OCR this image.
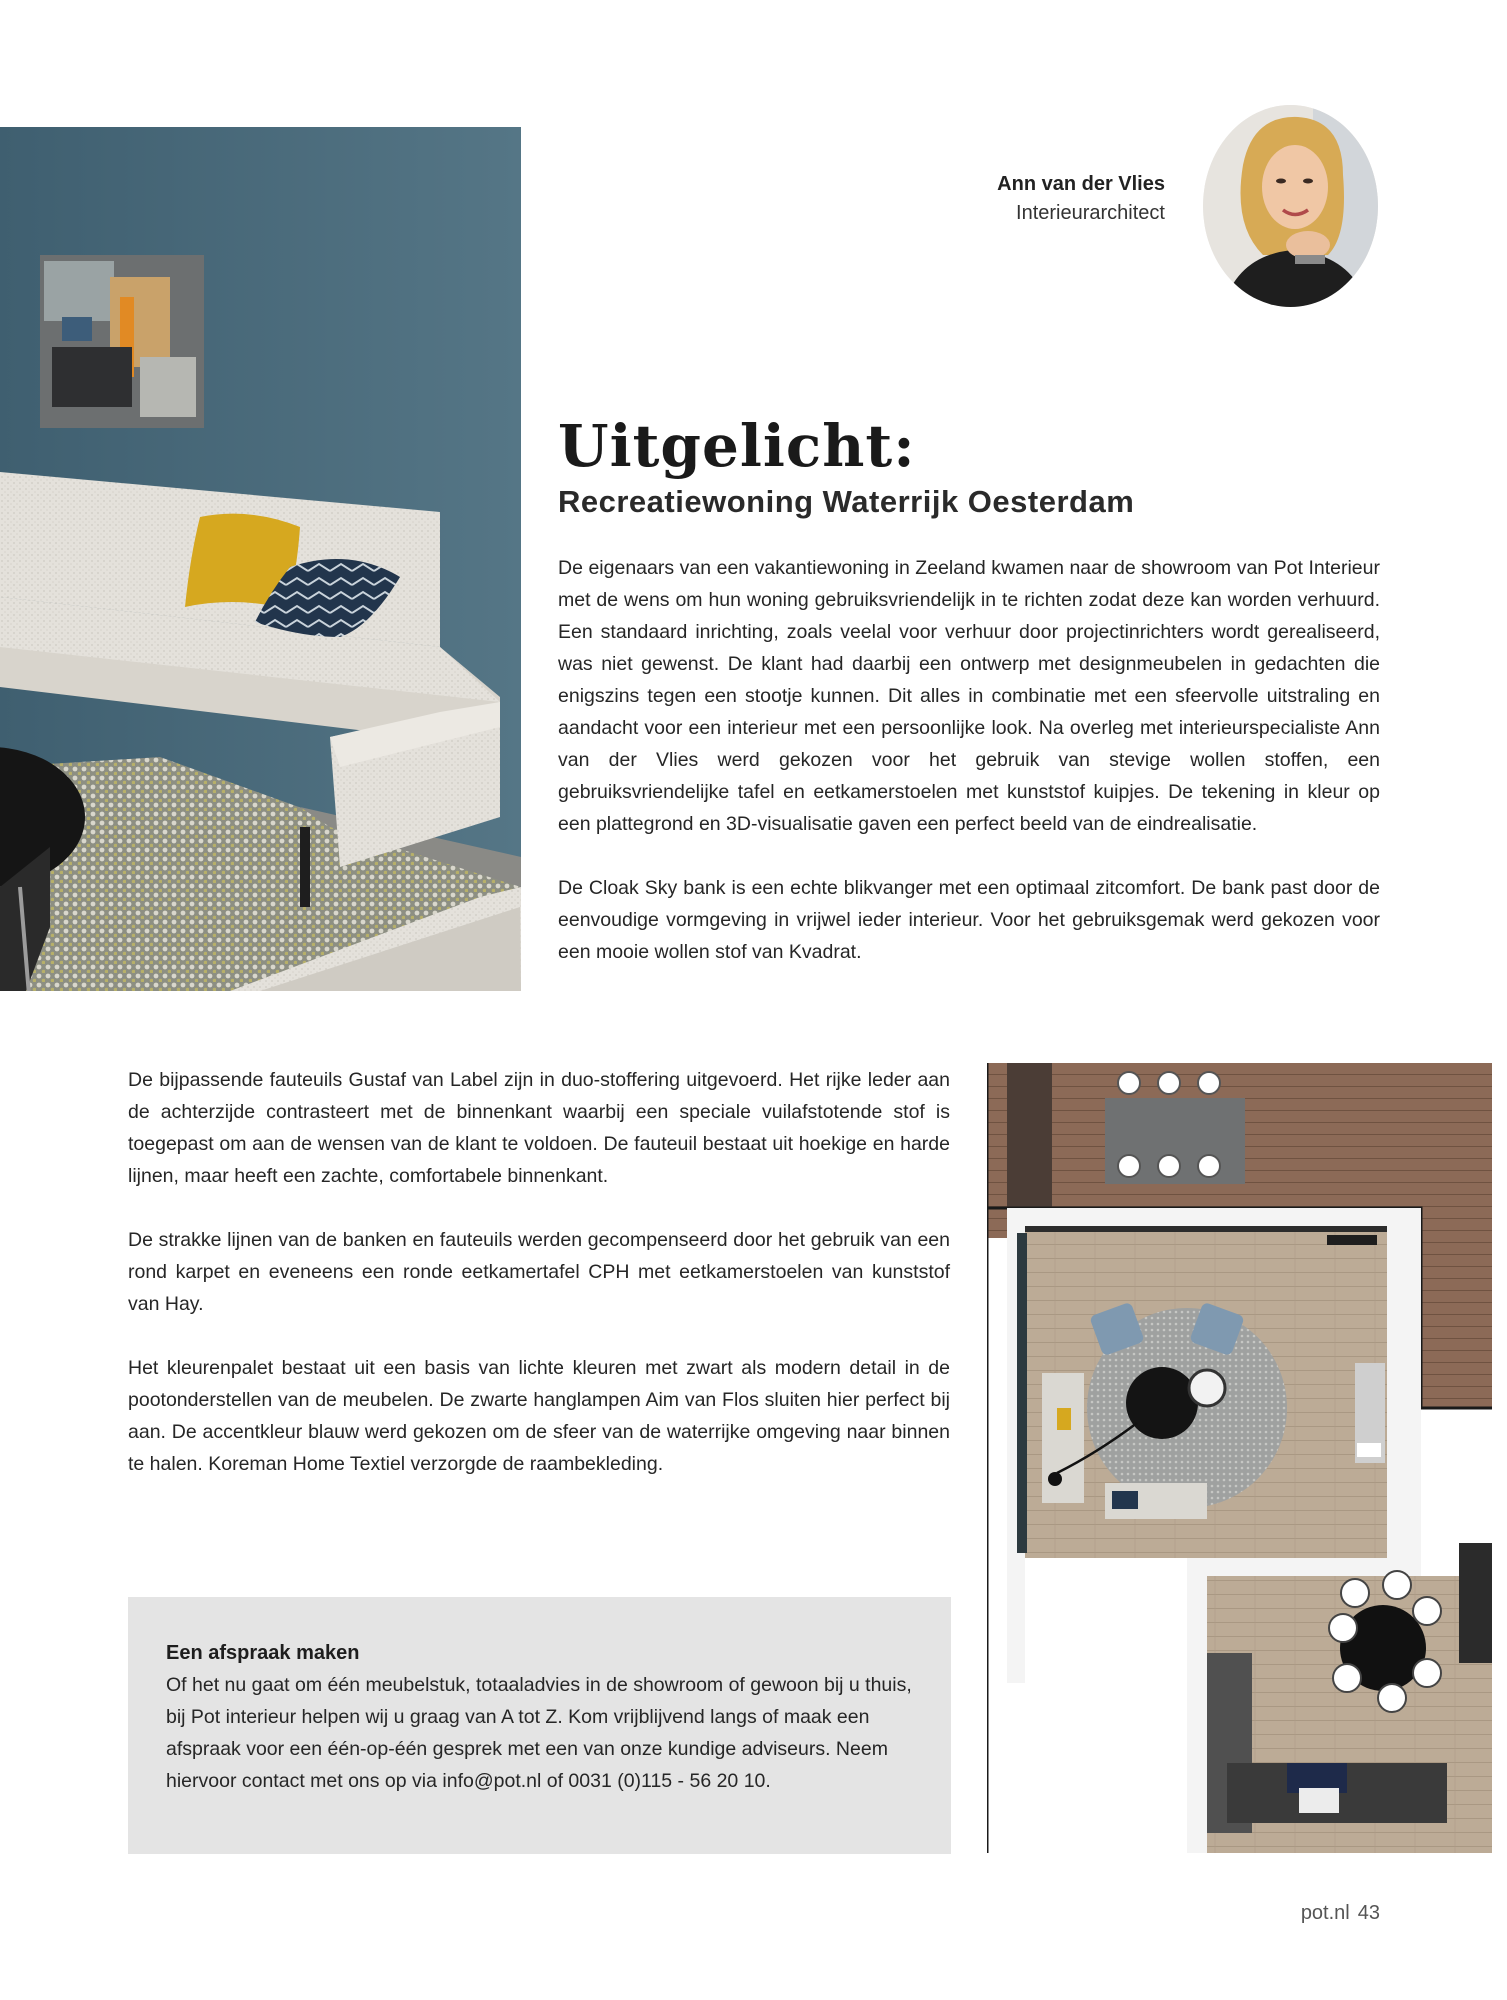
Ann van der Vlies
Interieurarchitect
Uitgelicht:
Recreatiewoning Waterrijk Oesterdam

De eigenaars van een vakantiewoning in Zeeland kwamen naar de showroom van Pot Interieur met de wens om hun woning gebruiksvriendelijk in te richten zodat deze kan worden verhuurd. Een standaard inrichting, zoals veelal voor verhuur door projectinrichters wordt gerealiseerd, was niet gewenst. De klant had daarbij een ontwerp met designmeubelen in gedachten die enigszins tegen een stootje kunnen. Dit alles in combinatie met een sfeervolle uitstraling en aandacht voor een interieur met een persoonlijke look. Na overleg met interieurspecialiste Ann van der Vlies werd gekozen voor het gebruik van stevige wollen stoffen, een gebruiksvriendelijke tafel en eetkamerstoelen met kunststof kuipjes. De tekening in kleur op een plattegrond en 3D-visualisatie gaven een perfect beeld van de eindrealisatie.

De Cloak Sky bank is een echte blikvanger met een optimaal zitcomfort. De bank past door de eenvoudige vormgeving in vrijwel ieder interieur. Voor het gebruiksgemak werd gekozen voor een mooie wollen stof van Kvadrat.

De bijpassende fauteuils Gustaf van Label zijn in duo-stoffering uitgevoerd. Het rijke leder aan de achterzijde contrasteert met de binnenkant waarbij een speciale vuilafstotende stof is toegepast om aan de wensen van de klant te voldoen. De fauteuil bestaat uit hoekige en harde lijnen, maar heeft een zachte, comfortabele binnenkant.

De strakke lijnen van de banken en fauteuils werden gecompenseerd door het gebruik van een rond karpet en eveneens een ronde eetkamertafel CPH met eetkamerstoelen van kunststof van Hay.

Het kleurenpalet bestaat uit een basis van lichte kleuren met zwart als modern detail in de pootonderstellen van de meubelen. De zwarte hanglampen Aim van Flos sluiten hier perfect bij aan. De accentkleur blauw werd gekozen om de sfeer van de waterrijke omgeving naar binnen te halen. Koreman Home Textiel verzorgde de raambekleding.

Een afspraak maken
Of het nu gaat om één meubelstuk, totaaladvies in de showroom of gewoon bij u thuis, bij Pot interieur helpen wij u graag van A tot Z. Kom vrijblijvend langs of maak een afspraak voor een één-op-één gesprek met een van onze kundige adviseurs. Neem hiervoor contact met ons op via info@pot.nl of 0031 (0)115 - 56 20 10.
pot.nl 43
